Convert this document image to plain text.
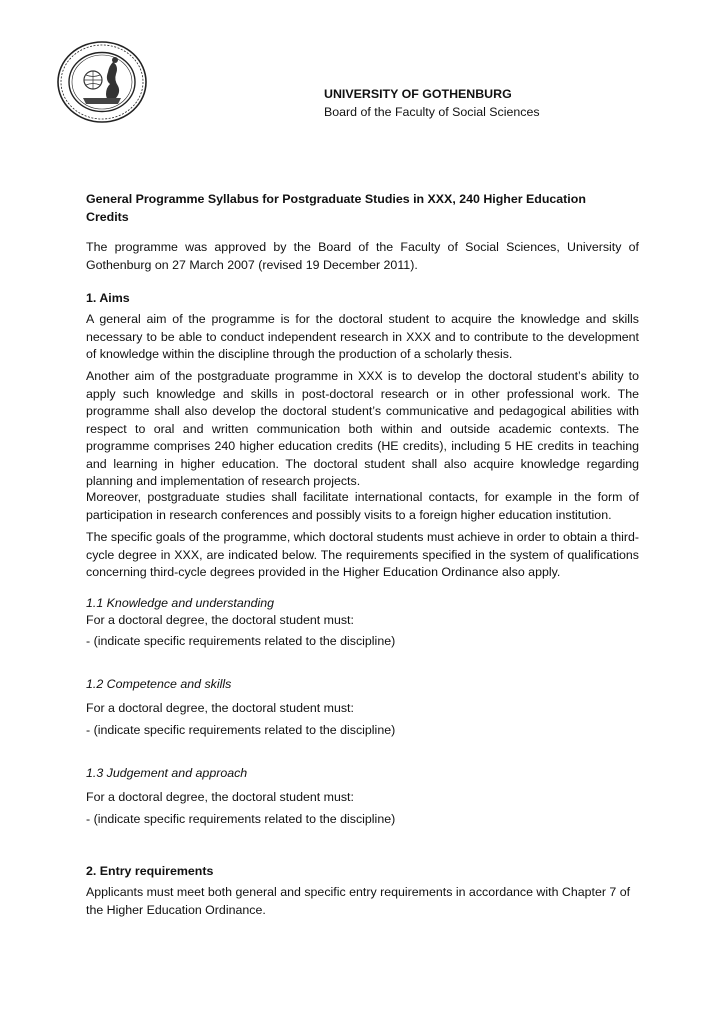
UNIVERSITY OF GOTHENBURG
Board of the Faculty of Social Sciences
General Programme Syllabus for Postgraduate Studies in XXX, 240 Higher Education Credits

The programme was approved by the Board of the Faculty of Social Sciences, University of Gothenburg on 27 March 2007 (revised 19 December 2011).

1. Aims

A general aim of the programme is for the doctoral student to acquire the knowledge and skills necessary to be able to conduct independent research in XXX and to contribute to the development of knowledge within the discipline through the production of a scholarly thesis.

Another aim of the postgraduate programme in XXX is to develop the doctoral student’s ability to apply such knowledge and skills in post-doctoral research or in other professional work. The programme shall also develop the doctoral student’s communicative and pedagogical abilities with respect to oral and written communication both within and outside academic contexts. The programme comprises 240 higher education credits (HE credits), including 5 HE credits in teaching and learning in higher education. The doctoral student shall also acquire knowledge regarding planning and implementation of research projects.

Moreover, postgraduate studies shall facilitate international contacts, for example in the form of participation in research conferences and possibly visits to a foreign higher education institution.

The specific goals of the programme, which doctoral students must achieve in order to obtain a third-cycle degree in XXX, are indicated below. The requirements specified in the system of qualifications concerning third-cycle degrees provided in the Higher Education Ordinance also apply.

1.1 Knowledge and understanding
For a doctoral degree, the doctoral student must:
- (indicate specific requirements related to the discipline)
1.2 Competence and skills
For a doctoral degree, the doctoral student must:
- (indicate specific requirements related to the discipline)
1.3 Judgement and approach
For a doctoral degree, the doctoral student must:
- (indicate specific requirements related to the discipline)
2. Entry requirements

Applicants must meet both general and specific entry requirements in accordance with Chapter 7 of the Higher Education Ordinance.
